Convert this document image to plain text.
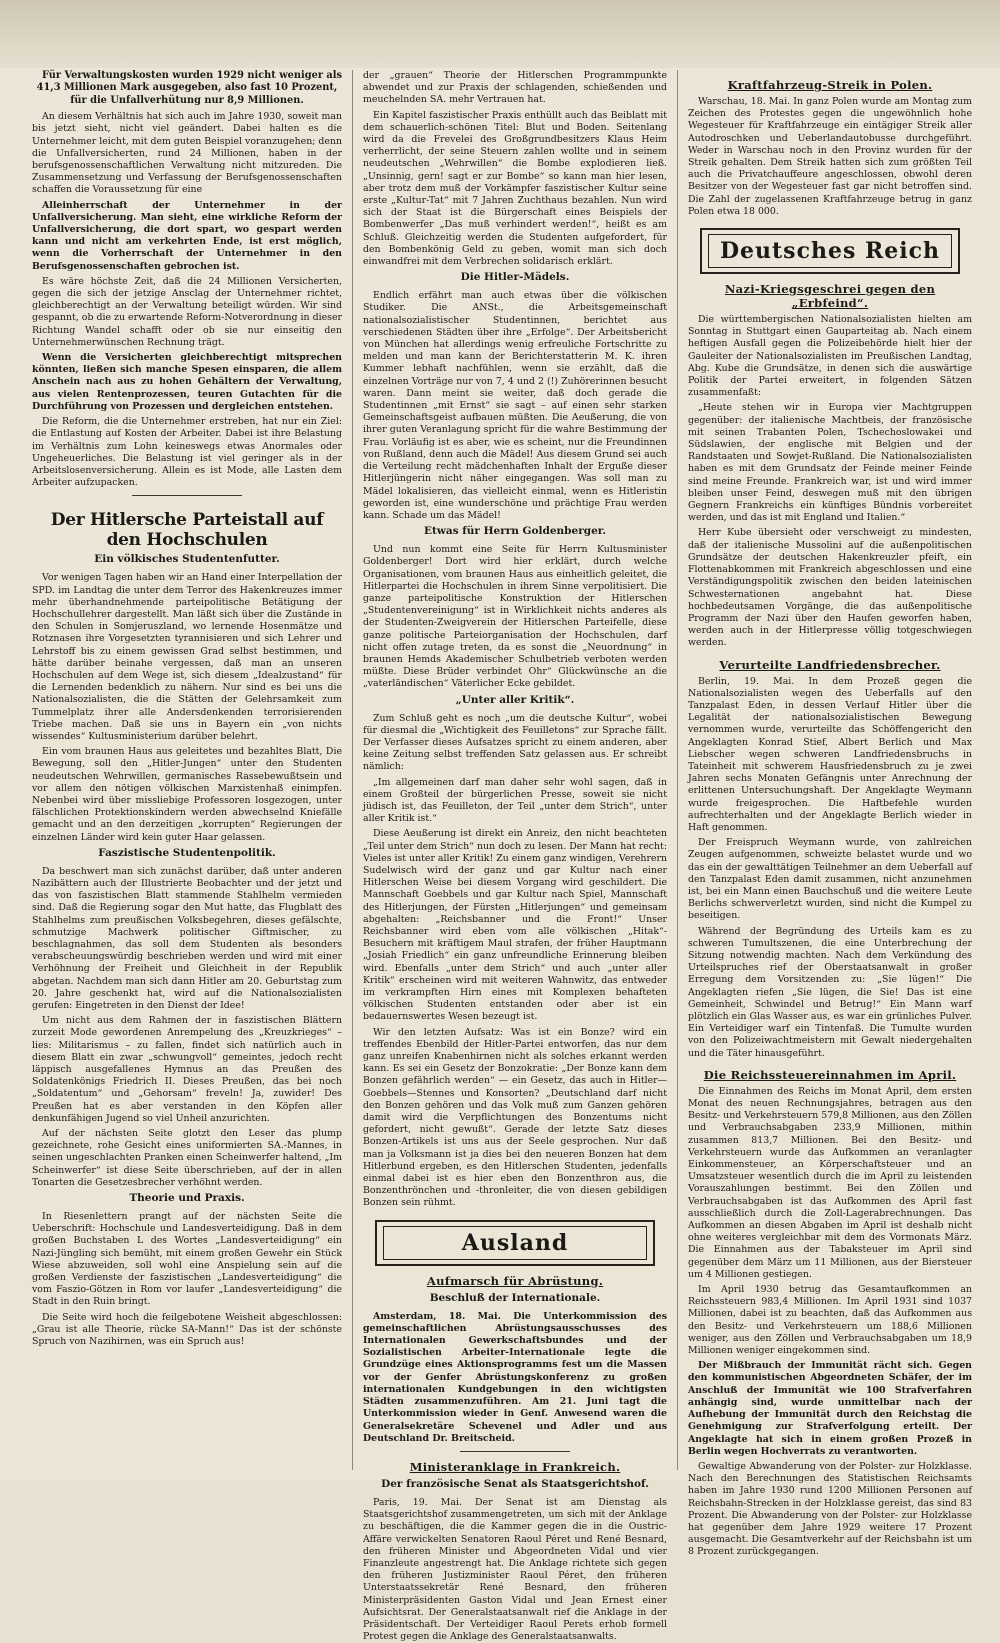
Für Verwaltungskosten wurden 1929 nicht weniger als 41,3 Millionen Mark ausgegeben, also fast 10 Prozent, für die Unfallverhütung nur 8,9 Millionen.

An diesem Verhältnis hat sich auch im Jahre 1930, soweit man bis jetzt sieht, nicht viel geändert. Dabei halten es die Unternehmer leicht, mit dem guten Beispiel voranzugehen; denn die Unfallversicherten, rund 24 Millionen, haben in der berufsgenossenschaftlichen Verwaltung nicht mitzureden. Die Zusammensetzung und Verfassung der Berufsgenossenschaften schaffen die Voraussetzung für eine

Alleinherrschaft der Unternehmer in der Unfallversicherung. Man sieht, eine wirkliche Reform der Unfallversicherung, die dort spart, wo gespart werden kann und nicht am verkehrten Ende, ist erst möglich, wenn die Vorherrschaft der Unternehmer in den Berufsgenossenschaften gebrochen ist.

Es wäre höchste Zeit, daß die 24 Millionen Versicherten, gegen die sich der jetzige Ansclag der Unternehmer richtet, gleichberechtigt an der Verwaltung beteiligt würden. Wir sind gespannt, ob die zu erwartende Reform-Notverordnung in dieser Richtung Wandel schafft oder ob sie nur einseitig den Unternehmerwünschen Rechnung trägt.

Wenn die Versicherten gleichberechtigt mitsprechen könnten, ließen sich manche Spesen einsparen, die allem Anschein nach aus zu hohen Gehältern der Verwaltung, aus vielen Rentenprozessen, teuren Gutachten für die Durchführung von Prozessen und dergleichen entstehen.

Die Reform, die die Unternehmer erstreben, hat nur ein Ziel: die Entlastung auf Kosten der Arbeiter. Dabei ist ihre Belastung im Verhältnis zum Lohn keineswegs etwas Anormales oder Ungeheuerliches. Die Belastung ist viel geringer als in der Arbeitslosenversicherung. Allein es ist Mode, alle Lasten dem Arbeiter aufzupacken.

Der Hitlersche Parteistall auf den Hochschulen
Ein völkisches Studentenfutter.

Vor wenigen Tagen haben wir an Hand einer Interpellation der SPD. im Landtag die unter dem Terror des Hakenkreuzes immer mehr überhandnehmende parteipolitische Betätigung der Hochschullehrer dargestellt. Man läßt sich über die Zustände in den Schulen in Somjeruszland, wo lernende Hosenmätze und Rotznasen ihre Vorgesetzten tyrannisieren und sich Lehrer und Lehrstoff bis zu einem gewissen Grad selbst bestimmen, und hätte darüber beinahe vergessen, daß man an unseren Hochschulen auf dem Wege ist, sich diesem „Idealzustand“ für die Lernenden bedenklich zu nähern. Nur sind es bei uns die Nationalsozialisten, die die Stätten der Gelehrsamkeit zum Tummelplatz ihrer alle Andersdenkenden terrorisierenden Triebe machen. Daß sie uns in Bayern ein „von nichts wissendes“ Kultusministerium darüber belehrt.

Ein vom braunen Haus aus geleitetes und bezahltes Blatt, Die Bewegung, soll den „Hitler-Jungen“ unter den Studenten neudeutschen Wehrwillen, germanisches Rassebewußtsein und vor allem den nötigen völkischen Marxistenhaß einimpfen. Nebenbei wird über missliebige Professoren losgezogen, unter fälschlichen Protektionskindern werden abwechselnd Kniefälle gemacht und an den derzeitigen „korrupten“ Regierungen der einzelnen Länder wird kein guter Haar gelassen.

Faszistische Studentenpolitik.

Da beschwert man sich zunächst darüber, daß unter anderen Nazibättern auch der Illustrierte Beobachter und der jetzt und das von faszistischen Blatt stammende Stahlhelm vermieden sind. Daß die Regierung sogar den Mut hatte, das Flugblatt des Stahlhelms zum preußischen Volksbegehren, dieses gefälschte, schmutzige Machwerk politischer Giftmischer, zu beschlagnahmen, das soll dem Studenten als besonders verabscheuungswürdig beschrieben werden und wird mit einer Verhöhnung der Freiheit und Gleichheit in der Republik abgetan. Nachdem man sich dann Hitler am 20. Geburtstag zum 20. Jahre geschenkt hat, wird auf die Nationalsozialisten gerufen: Eingetreten in den Dienst der Idee!

Um nicht aus dem Rahmen der in faszistischen Blättern zurzeit Mode gewordenen Anrempelung des „Kreuzkrieges“ – lies: Militarismus – zu fallen, findet sich natürlich auch in diesem Blatt ein zwar „schwungvoll“ gemeintes, jedoch recht läppisch ausgefallenes Hymnus an das Preußen des Soldatenkönigs Friedrich II. Dieses Preußen, das bei noch „Soldatentum“ und „Gehorsam“ freveln! Ja, zuwider! Des Preußen hat es aber verstanden in den Köpfen aller denkunfähigen Jugend so viel Unheil anzurichten.

Auf der nächsten Seite glotzt den Leser das plump gezeichnete, rohe Gesicht eines uniformierten SA.-Mannes, in seinen ungeschlachten Pranken einen Scheinwerfer haltend, „Im Scheinwerfer“ ist diese Seite überschrieben, auf der in allen Tonarten die Gesetzesbrecher verhöhnt werden.

Theorie und Praxis.

In Riesenlettern prangt auf der nächsten Seite die Ueberschrift: Hochschule und Landesverteidigung. Daß in dem großen Buchstaben L des Wortes „Landesverteidigung“ ein Nazi-Jüngling sich bemüht, mit einem großen Gewehr ein Stück Wiese abzuweiden, soll wohl eine Anspielung sein auf die großen Verdienste der faszistischen „Landesverteidigung“ die vom Faszio-Götzen in Rom vor laufer „Landesverteidigung“ die Stadt in den Ruin bringt.

Die Seite wird hoch die feilgebotene Weisheit abgeschlossen: „Grau ist alle Theorie, rücke SA-Mann!“ Das ist der schönste Spruch von Nazihirnen, was ein Spruch aus!

der „grauen“ Theorie der Hitlerschen Programmpunkte abwendet und zur Praxis der schlagenden, schießenden und meuchelnden SA. mehr Vertrauen hat.

Ein Kapitel faszistischer Praxis enthüllt auch das Beiblatt mit dem schauerlich-schönen Titel: Blut und Boden. Seitenlang wird da die Frevelei des Großgrundbesitzers Klaus Heim verherrlicht, der seine Steuern zahlen wollte und in seinem neudeutschen „Wehrwillen“ die Bombe explodieren ließ. „Unsinnig, gern! sagt er zur Bombe“ so kann man hier lesen, aber trotz dem muß der Vorkämpfer faszistischer Kultur seine erste „Kultur-Tat“ mit 7 Jahren Zuchthaus bezahlen. Nun wird sich der Staat ist die Bürgerschaft eines Beispiels der Bombenwerfer „Das muß verhindert werden!“, heißt es am Schluß. Gleichzeitig werden die Studenten aufgefordert, für den Bombenkönig Geld zu geben, womit man sich doch einwandfrei mit dem Verbrechen solidarisch erklärt.

Die Hitler-Mädels.

Endlich erfährt man auch etwas über die völkischen Studiker. Die ANSt., die Arbeitsgemeinschaft nationalsozialistischer Studentinnen, berichtet aus verschiedenen Städten über ihre „Erfolge“. Der Arbeitsbericht von München hat allerdings wenig erfreuliche Fortschritte zu melden und man kann der Berichterstatterin M. K. ihren Kummer lebhaft nachfühlen, wenn sie erzählt, daß die einzelnen Vorträge nur von 7, 4 und 2 (!) Zuhörerinnen besucht waren. Dann meint sie weiter, daß doch gerade die Studentinnen „mit Ernst“ sie sagt – auf einen sehr starken Gemeinschaftsgeist aufbauen müßten. Die Aeußerung, die von ihrer guten Veranlagung spricht für die wahre Bestimmung der Frau. Vorläufig ist es aber, wie es scheint, nur die Freundinnen von Rußland, denn auch die Mädel! Aus diesem Grund sei auch die Verteilung recht mädchenhaften Inhalt der Erguße dieser Hitlerjüngerin nicht näher eingegangen. Was soll man zu Mädel lokalisieren, das vielleicht einmal, wenn es Hitleristin geworden ist, eine wunderschöne und prächtige Frau werden kann. Schade um das Mädel!

Etwas für Herrn Goldenberger.

Und nun kommt eine Seite für Herrn Kultusminister Goldenberger! Dort wird hier erklärt, durch welche Organisationen, vom braunen Haus aus einheitlich geleitet, die Hitlerpartei die Hochschulen in ihrem Sinne verpolitisiert. Die ganze parteipolitische Konstruktion der Hitlerschen „Studentenvereinigung“ ist in Wirklichkeit nichts anderes als der Studenten-Zweigverein der Hitlerschen Parteifelle, diese ganze politische Parteiorganisation der Hochschulen, darf nicht offen zutage treten, da es sonst die „Neuordnung“ in braunen Hemds Akademischer Schulbetrieb verboten werden müßte. Diese Brüder verbindet Ohr“ Glückwünsche an die „vaterländischen“ Väterlicher Ecke gebildet.

„Unter aller Kritik“.

Zum Schluß geht es noch „um die deutsche Kultur“, wobei für diesmal die „Wichtigkeit des Feuilletons“ zur Sprache fällt. Der Verfasser dieses Aufsatzes spricht zu einem anderen, aber keine Zeitung selbst treffenden Satz gelassen aus. Er schreibt nämlich:

„Im allgemeinen darf man daher sehr wohl sagen, daß in einem Großteil der bürgerlichen Presse, soweit sie nicht jüdisch ist, das Feuilleton, der Teil „unter dem Strich“, unter aller Kritik ist.“

Diese Aeußerung ist direkt ein Anreiz, den nicht beachteten „Teil unter dem Strich“ nun doch zu lesen. Der Mann hat recht: Vieles ist unter aller Kritik! Zu einem ganz windigen, Verehrern Sudelwisch wird der ganz und gar Kultur nach einer Hitlerschen Weise bei diesem Vorgang wird geschildert. Die Mannschaft Goebbels und gar Kultur nach Spiel, Mannschaft des Hitlerjungen, der Fürsten „Hitlerjungen“ und gemeinsam abgehalten: „Reichsbanner und die Front!“ Unser Reichsbanner wird eben vom alle völkischen „Hitak“-Besuchern mit kräftigem Maul strafen, der früher Hauptmann „Josiah Friedlich“ ein ganz unfreundliche Erinnerung bleiben wird. Ebenfalls „unter dem Strich“ und auch „unter aller Kritik“ erscheinen wird mit weiteren Wahnwitz, das entweder im verkrampften Hirn eines mit Komplexen behafteten völkischen Studenten entstanden oder aber ist ein bedauernswertes Wesen bezeugt ist.

Wir den letzten Aufsatz: Was ist ein Bonze? wird ein treffendes Ebenbild der Hitler-Partei entworfen, das nur dem ganz unreifen Knabenhirnen nicht als solches erkannt werden kann. Es sei ein Gesetz der Bonzokratie: „Der Bonze kann dem Bonzen gefährlich werden“ — ein Gesetz, das auch in Hitler—Goebbels—Stennes und Konsorten? „Deutschland darf nicht den Bonzen gehören und das Volk muß zum Ganzen gehören damit wird die Verpflichtungen des Bonzentums nicht gefordert, nicht gewußt“. Gerade der letzte Satz dieses Bonzen-Artikels ist uns aus der Seele gesprochen. Nur daß man ja Volksmann ist ja dies bei den neueren Bonzen hat dem Hitlerbund ergeben, es den Hitlerschen Studenten, jedenfalls einmal dabei ist es hier eben den Bonzenthron aus, die Bonzenthrönchen und -thronleiter, die von diesen gebildigen Bonzen sein rühmt.

Ausland
Aufmarsch für Abrüstung.
Beschluß der Internationale.

Amsterdam, 18. Mai. Die Unterkommission des gemeinschaftlichen Abrüstungsausschusses des Internationalen Gewerkschaftsbundes und der Sozialistischen Arbeiter-Internationale legte die Grundzüge eines Aktionsprogramms fest um die Massen vor der Genfer Abrüstungskonferenz zu großen internationalen Kundgebungen in den wichtigsten Städten zusammenzuführen. Am 21. Juni tagt die Unterkommission wieder in Genf. Anwesend waren die Generalsekretäre Schevenel und Adler und aus Deutschland Dr. Breitscheid.

Ministeranklage in Frankreich.
Der französische Senat als Staatsgerichtshof.

Paris, 19. Mai. Der Senat ist am Dienstag als Staatsgerichtshof zusammengetreten, um sich mit der Anklage zu beschäftigen, die die Kammer gegen die in die Oustric-Affäre verwickelten Senatoren Raoul Péret und René Besnard, den früheren Minister und Abgeordneten Vidal und vier Finanzleute angestrengt hat. Die Anklage richtete sich gegen den früheren Justizminister Raoul Péret, den früheren Unterstaatssekretär René Besnard, den früheren Ministerpräsidenten Gaston Vidal und Jean Ernest einer Aufsichtsrat. Der Generalstaatsanwalt rief die Anklage in der Präsidentschaft. Der Verteidiger Raoul Perets erhob formell Protest gegen die Anklage des Generalstaatsanwalts.

Kraftfahrzeug-Streik in Polen.

Warschau, 18. Mai. In ganz Polen wurde am Montag zum Zeichen des Protestes gegen die ungewöhnlich hohe Wegesteuer für Kraftfahrzeuge ein eintägiger Streik aller Autodroschken und Ueberlandautobusse durchgeführt. Weder in Warschau noch in den Provinz wurden für der Streik gehalten. Dem Streik hatten sich zum größten Teil auch die Privatchauffeure angeschlossen, obwohl deren Besitzer von der Wegesteuer fast gar nicht betroffen sind. Die Zahl der zugelassenen Kraftfahrzeuge betrug in ganz Polen etwa 18 000.

Deutsches Reich
Nazi-Kriegsgeschrei gegen den „Erbfeind“.

Die württembergischen Nationalsozialisten hielten am Sonntag in Stuttgart einen Gauparteitag ab. Nach einem heftigen Ausfall gegen die Polizeibehörde hielt hier der Gauleiter der Nationalsozialisten im Preußischen Landtag, Abg. Kube die Grundsätze, in denen sich die auswärtige Politik der Partei erweitert, in folgenden Sätzen zusammenfaßt:

„Heute stehen wir in Europa vier Machtgruppen gegenüber: der italienische Machtbeis, der französische mit seinen Trabanten Polen, Tschechoslowakei und Südslawien, der englische mit Belgien und der Randstaaten und Sowjet-Rußland. Die Nationalsozialisten haben es mit dem Grundsatz der Feinde meiner Feinde sind meine Freunde. Frankreich war, ist und wird immer bleiben unser Feind, deswegen muß mit den übrigen Gegnern Frankreichs ein künftiges Bündnis vorbereitet werden, und das ist mit England und Italien.“

Herr Kube übersieht oder verschweigt zu mindesten, daß der italienische Mussolini auf die außenpolitischen Grundsätze der deutschen Hakenkreuzler pfeift, ein Flottenabkommen mit Frankreich abgeschlossen und eine Verständigungspolitik zwischen den beiden lateinischen Schwesternationen angebahnt hat. Diese hochbedeutsamen Vorgänge, die das außenpolitische Programm der Nazi über den Haufen geworfen haben, werden auch in der Hitlerpresse völlig totgeschwiegen werden.

Verurteilte Landfriedensbrecher.

Berlin, 19. Mai. In dem Prozeß gegen die Nationalsozialisten wegen des Ueberfalls auf den Tanzpalast Eden, in dessen Verlauf Hitler über die Legalität der nationalsozialistischen Bewegung vernommen wurde, verurteilte das Schöffengericht den Angeklagten Konrad Stief, Albert Berlich und Max Liebscher wegen schweren Landfriedensbruchs in Tateinheit mit schwerem Hausfriedensbruch zu je zwei Jahren sechs Monaten Gefängnis unter Anrechnung der erlittenen Untersuchungshaft. Der Angeklagte Weymann wurde freigesprochen. Die Haftbefehle wurden aufrechterhalten und der Angeklagte Berlich wieder in Haft genommen.

Der Freispruch Weymann wurde, von zahlreichen Zeugen aufgenommen, schweizte belastet wurde und wo das ein der gewalttätigen Teilnehmer an dem Ueberfall auf den Tanzpalast Eden damit zusammen, nicht anzunehmen ist, bei ein Mann einen Bauchschuß und die weitere Leute Berlichs schwerverletzt wurden, sind nicht die Kumpel zu beseitigen.

Während der Begründung des Urteils kam es zu schweren Tumultszenen, die eine Unterbrechung der Sitzung notwendig machten. Nach dem Verkündung des Urteilspruches rief der Oberstaatsanwalt in großer Erregung dem Vorsitzenden zu: „Sie lügen!“ Die Angeklagten riefen „Sie lügen, die Sie! Das ist eine Gemeinheit, Schwindel und Betrug!“ Ein Mann warf plötzlich ein Glas Wasser aus, es war ein grünliches Pulver. Ein Verteidiger warf ein Tintenfaß. Die Tumulte wurden von den Polizeiwachtmeistern mit Gewalt niedergehalten und die Täter hinausgeführt.

Die Reichssteuereinnahmen im April.

Die Einnahmen des Reichs im Monat April, dem ersten Monat des neuen Rechnungsjahres, betragen aus den Besitz- und Verkehrsteuern 579,8 Millionen, aus den Zöllen und Verbrauchsabgaben 233,9 Millionen, mithin zusammen 813,7 Millionen. Bei den Besitz- und Verkehrsteuern wurde das Aufkommen an veranlagter Einkommensteuer, an Körperschaftsteuer und an Umsatzsteuer wesentlich durch die im April zu leistenden Vorauszahlungen bestimmt. Bei den Zöllen und Verbrauchsabgaben ist das Aufkommen des April fast ausschließlich durch die Zoll-Lagerabrechnungen. Das Aufkommen an diesen Abgaben im April ist deshalb nicht ohne weiteres vergleichbar mit dem des Vormonats März. Die Einnahmen aus der Tabaksteuer im April sind gegenüber dem März um 11 Millionen, aus der Biersteuer um 4 Millionen gestiegen.

Im April 1930 betrug das Gesamtaufkommen an Reichssteuern 983,4 Millionen. Im April 1931 sind 1037 Millionen, dabei ist zu beachten, daß das Aufkommen aus den Besitz- und Verkehrsteuern um 188,6 Millionen weniger, aus den Zöllen und Verbrauchsabgaben um 18,9 Millionen weniger eingekommen sind.

Der Mißbrauch der Immunität rächt sich. Gegen den kommunistischen Abgeordneten Schäfer, der im Anschluß der Immunität wie 100 Strafverfahren anhängig sind, wurde unmittelbar nach der Aufhebung der Immunität durch den Reichstag die Genehmigung zur Strafverfolgung erteilt. Der Angeklagte hat sich in einem großen Prozeß in Berlin wegen Hochverrats zu verantworten.

Gewaltige Abwanderung von der Polster- zur Holzklasse. Nach den Berechnungen des Statistischen Reichsamts haben im Jahre 1930 rund 1200 Millionen Personen auf Reichsbahn-Strecken in der Holzklasse gereist, das sind 83 Prozent. Die Abwanderung von der Polster- zur Holzklasse hat gegenüber dem Jahre 1929 weitere 17 Prozent ausgemacht. Die Gesamtverkehr auf der Reichsbahn ist um 8 Prozent zurückgegangen.
